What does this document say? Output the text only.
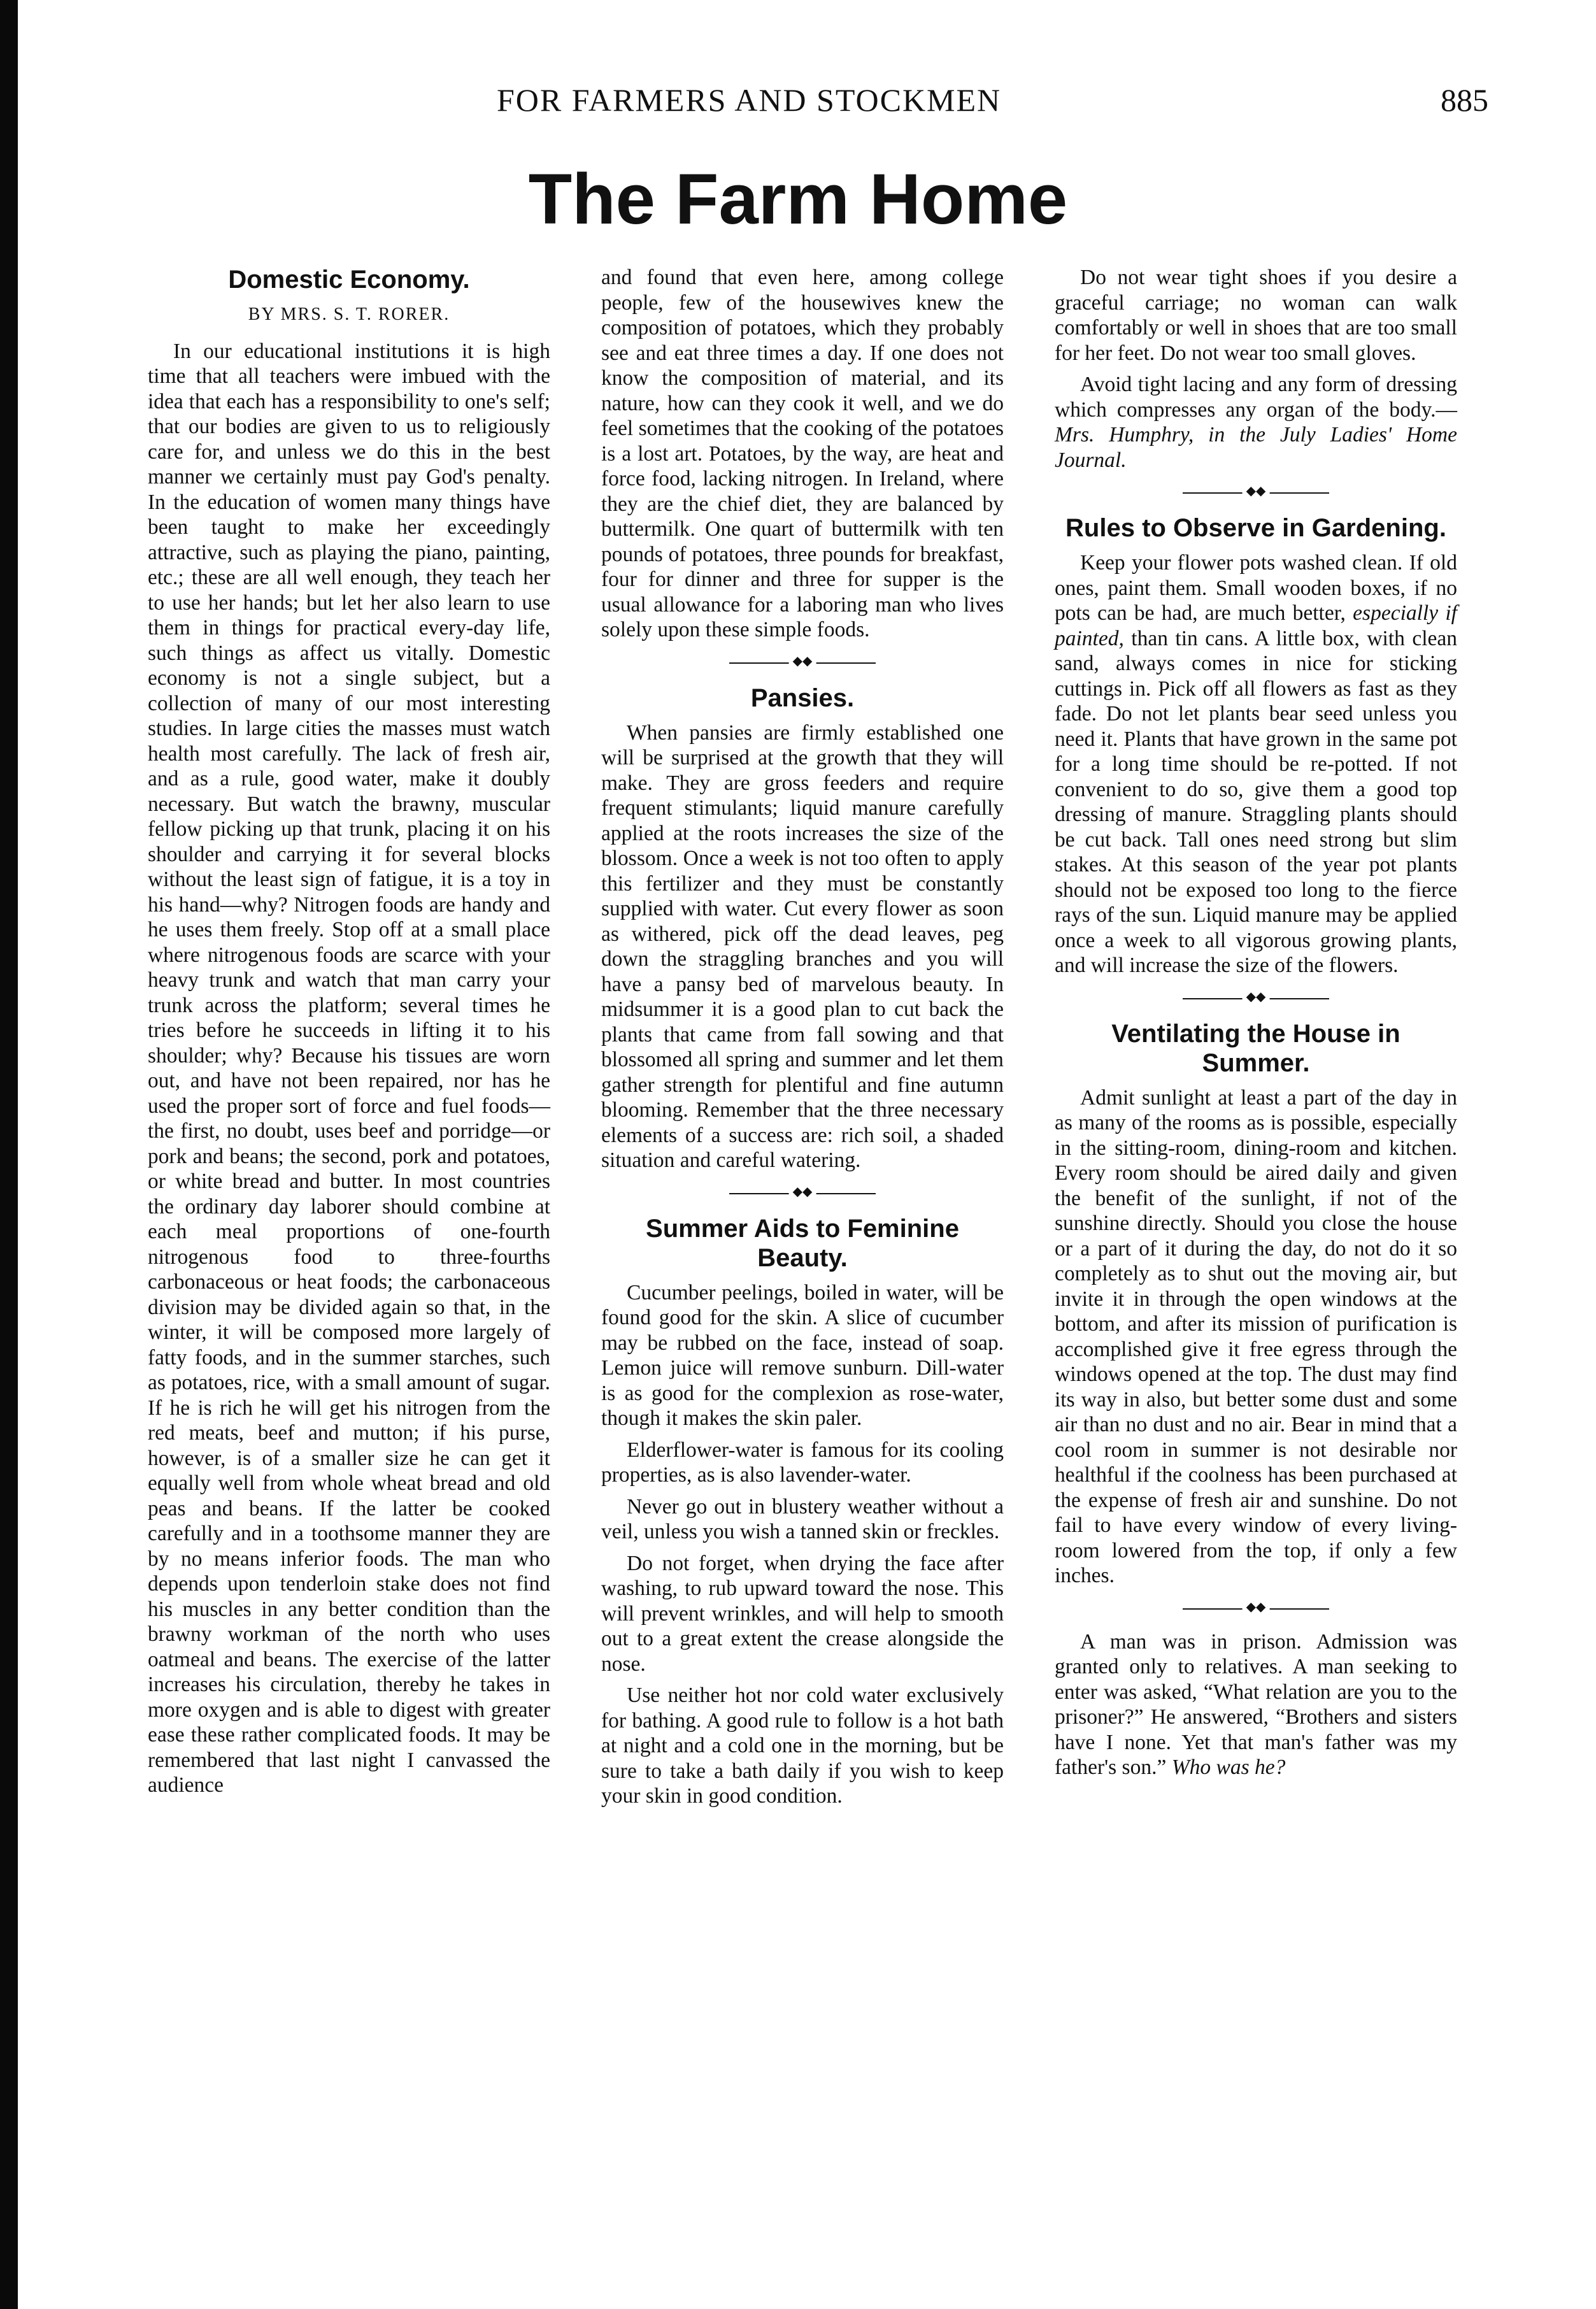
FOR FARMERS AND STOCKMEN	885
The Farm Home
Domestic Economy.
BY MRS. S. T. RORER.

In our educational institutions it is high time that all teachers were imbued with the idea that each has a responsibility to one's self; that our bodies are given to us to religiously care for, and unless we do this in the best manner we certainly must pay God's penalty. In the education of women many things have been taught to make her exceedingly attractive, such as playing the piano, painting, etc.; these are all well enough, they teach her to use her hands; but let her also learn to use them in things for practical every-day life, such things as affect us vitally. Domestic economy is not a single subject, but a collection of many of our most interesting studies. In large cities the masses must watch health most carefully. The lack of fresh air, and as a rule, good water, make it doubly necessary. But watch the brawny, muscular fellow picking up that trunk, placing it on his shoulder and carrying it for several blocks without the least sign of fatigue, it is a toy in his hand—why? Nitrogen foods are handy and he uses them freely. Stop off at a small place where nitrogenous foods are scarce with your heavy trunk and watch that man carry your trunk across the platform; several times he tries before he succeeds in lifting it to his shoulder; why? Because his tissues are worn out, and have not been repaired, nor has he used the proper sort of force and fuel foods—the first, no doubt, uses beef and porridge—or pork and beans; the second, pork and potatoes, or white bread and butter. In most countries the ordinary day laborer should combine at each meal proportions of one-fourth nitrogenous food to three-fourths carbonaceous or heat foods; the carbonaceous division may be divided again so that, in the winter, it will be composed more largely of fatty foods, and in the summer starches, such as potatoes, rice, with a small amount of sugar. If he is rich he will get his nitrogen from the red meats, beef and mutton; if his purse, however, is of a smaller size he can get it equally well from whole wheat bread and old peas and beans. If the latter be cooked carefully and in a toothsome manner they are by no means inferior foods. The man who depends upon tenderloin stake does not find his muscles in any better condition than the brawny workman of the north who uses oatmeal and beans. The exercise of the latter increases his circulation, thereby he takes in more oxygen and is able to digest with greater ease these rather complicated foods. It may be remembered that last night I canvassed the audience

and found that even here, among college people, few of the housewives knew the composition of potatoes, which they probably see and eat three times a day. If one does not know the composition of material, and its nature, how can they cook it well, and we do feel sometimes that the cooking of the potatoes is a lost art. Potatoes, by the way, are heat and force food, lacking nitrogen. In Ireland, where they are the chief diet, they are balanced by buttermilk. One quart of buttermilk with ten pounds of potatoes, three pounds for breakfast, four for dinner and three for supper is the usual allowance for a laboring man who lives solely upon these simple foods.

◆◆
Pansies.

When pansies are firmly established one will be surprised at the growth that they will make. They are gross feeders and require frequent stimulants; liquid manure carefully applied at the roots increases the size of the blossom. Once a week is not too often to apply this fertilizer and they must be constantly supplied with water. Cut every flower as soon as withered, pick off the dead leaves, peg down the straggling branches and you will have a pansy bed of marvelous beauty. In midsummer it is a good plan to cut back the plants that came from fall sowing and that blossomed all spring and summer and let them gather strength for plentiful and fine autumn blooming. Remember that the three necessary elements of a success are: rich soil, a shaded situation and careful watering.

◆◆
Summer Aids to Feminine Beauty.

Cucumber peelings, boiled in water, will be found good for the skin. A slice of cucumber may be rubbed on the face, instead of soap. Lemon juice will remove sunburn. Dill-water is as good for the complexion as rose-water, though it makes the skin paler.

Elderflower-water is famous for its cooling properties, as is also lavender-water.

Never go out in blustery weather without a veil, unless you wish a tanned skin or freckles.

Do not forget, when drying the face after washing, to rub upward toward the nose. This will prevent wrinkles, and will help to smooth out to a great extent the crease alongside the nose.

Use neither hot nor cold water exclusively for bathing. A good rule to follow is a hot bath at night and a cold one in the morning, but be sure to take a bath daily if you wish to keep your skin in good condition.

Do not wear tight shoes if you desire a graceful carriage; no woman can walk comfortably or well in shoes that are too small for her feet. Do not wear too small gloves.

Avoid tight lacing and any form of dressing which compresses any organ of the body.—Mrs. Humphry, in the July Ladies' Home Journal.

◆◆
Rules to Observe in Gardening.

Keep your flower pots washed clean. If old ones, paint them. Small wooden boxes, if no pots can be had, are much better, especially if painted, than tin cans. A little box, with clean sand, always comes in nice for sticking cuttings in. Pick off all flowers as fast as they fade. Do not let plants bear seed unless you need it. Plants that have grown in the same pot for a long time should be re-potted. If not convenient to do so, give them a good top dressing of manure. Straggling plants should be cut back. Tall ones need strong but slim stakes. At this season of the year pot plants should not be exposed too long to the fierce rays of the sun. Liquid manure may be applied once a week to all vigorous growing plants, and will increase the size of the flowers.

◆◆
Ventilating the House in Summer.

Admit sunlight at least a part of the day in as many of the rooms as is possible, especially in the sitting-room, dining-room and kitchen. Every room should be aired daily and given the benefit of the sunlight, if not of the sunshine directly. Should you close the house or a part of it during the day, do not do it so completely as to shut out the moving air, but invite it in through the open windows at the bottom, and after its mission of purification is accomplished give it free egress through the windows opened at the top. The dust may find its way in also, but better some dust and some air than no dust and no air. Bear in mind that a cool room in summer is not desirable nor healthful if the coolness has been purchased at the expense of fresh air and sunshine. Do not fail to have every window of every living-room lowered from the top, if only a few inches.

◆◆

A man was in prison. Admission was granted only to relatives. A man seeking to enter was asked, “What relation are you to the prisoner?” He answered, “Brothers and sisters have I none. Yet that man's father was my father's son.” Who was he?
